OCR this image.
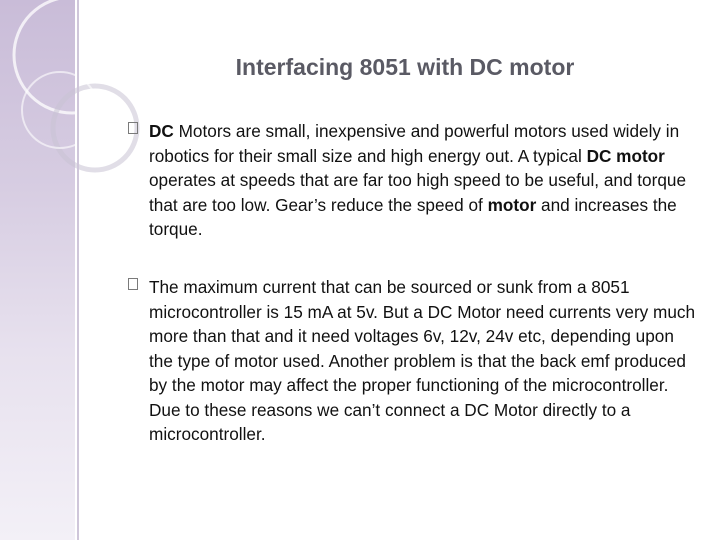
Interfacing 8051 with DC motor
DC Motors are small, inexpensive and powerful motors used widely in robotics for their small size and high energy out. A typical DC motor operates at speeds that are far too high speed to be useful, and torque that are too low. Gear’s reduce the speed of motor and increases the torque.
The maximum current that can be sourced or sunk from a 8051 microcontroller is 15 mA at 5v. But a DC Motor need currents very much more than that and it need voltages 6v, 12v, 24v etc, depending upon the type of motor used. Another problem is that the back emf produced by the motor may affect the proper functioning of the microcontroller. Due to these reasons we can’t connect a DC Motor directly to a microcontroller.
